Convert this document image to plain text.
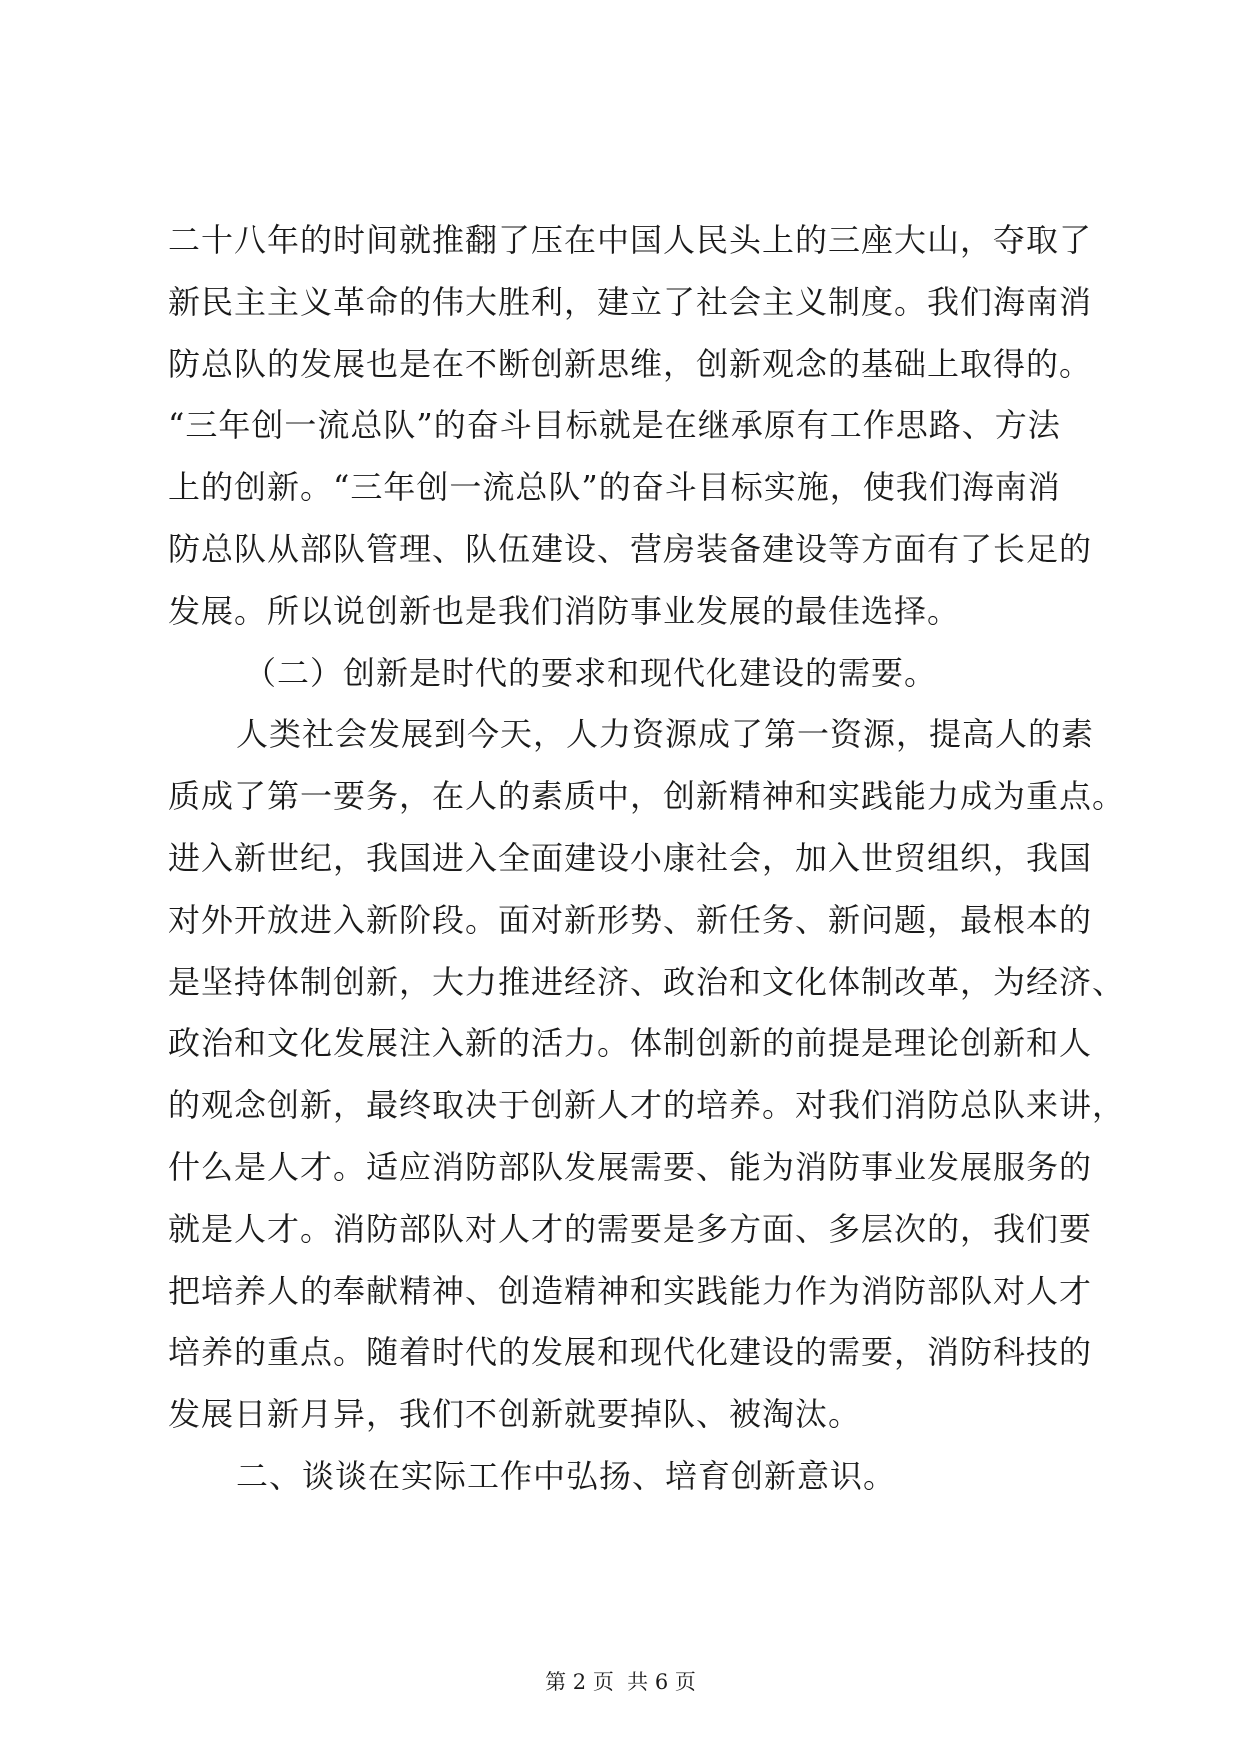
二十八年的时间就推翻了压在中国人民头上的三座大山，夺取了
新民主主义革命的伟大胜利，建立了社会主义制度。我们海南消
防总队的发展也是在不断创新思维，创新观念的基础上取得的。
“三年创一流总队”的奋斗目标就是在继承原有工作思路、方法
上的创新。“三年创一流总队”的奋斗目标实施，使我们海南消
防总队从部队管理、队伍建设、营房装备建设等方面有了长足的
发展。所以说创新也是我们消防事业发展的最佳选择。
（二）创新是时代的要求和现代化建设的需要。
人类社会发展到今天，人力资源成了第一资源，提高人的素
质成了第一要务，在人的素质中，创新精神和实践能力成为重点。
进入新世纪，我国进入全面建设小康社会，加入世贸组织，我国
对外开放进入新阶段。面对新形势、新任务、新问题，最根本的
是坚持体制创新，大力推进经济、政治和文化体制改革，为经济、
政治和文化发展注入新的活力。体制创新的前提是理论创新和人
的观念创新，最终取决于创新人才的培养。对我们消防总队来讲，
什么是人才。适应消防部队发展需要、能为消防事业发展服务的
就是人才。消防部队对人才的需要是多方面、多层次的，我们要
把培养人的奉献精神、创造精神和实践能力作为消防部队对人才
培养的重点。随着时代的发展和现代化建设的需要，消防科技的
发展日新月异，我们不创新就要掉队、被淘汰。
二、谈谈在实际工作中弘扬、培育创新意识。
第 2 页  共 6 页
